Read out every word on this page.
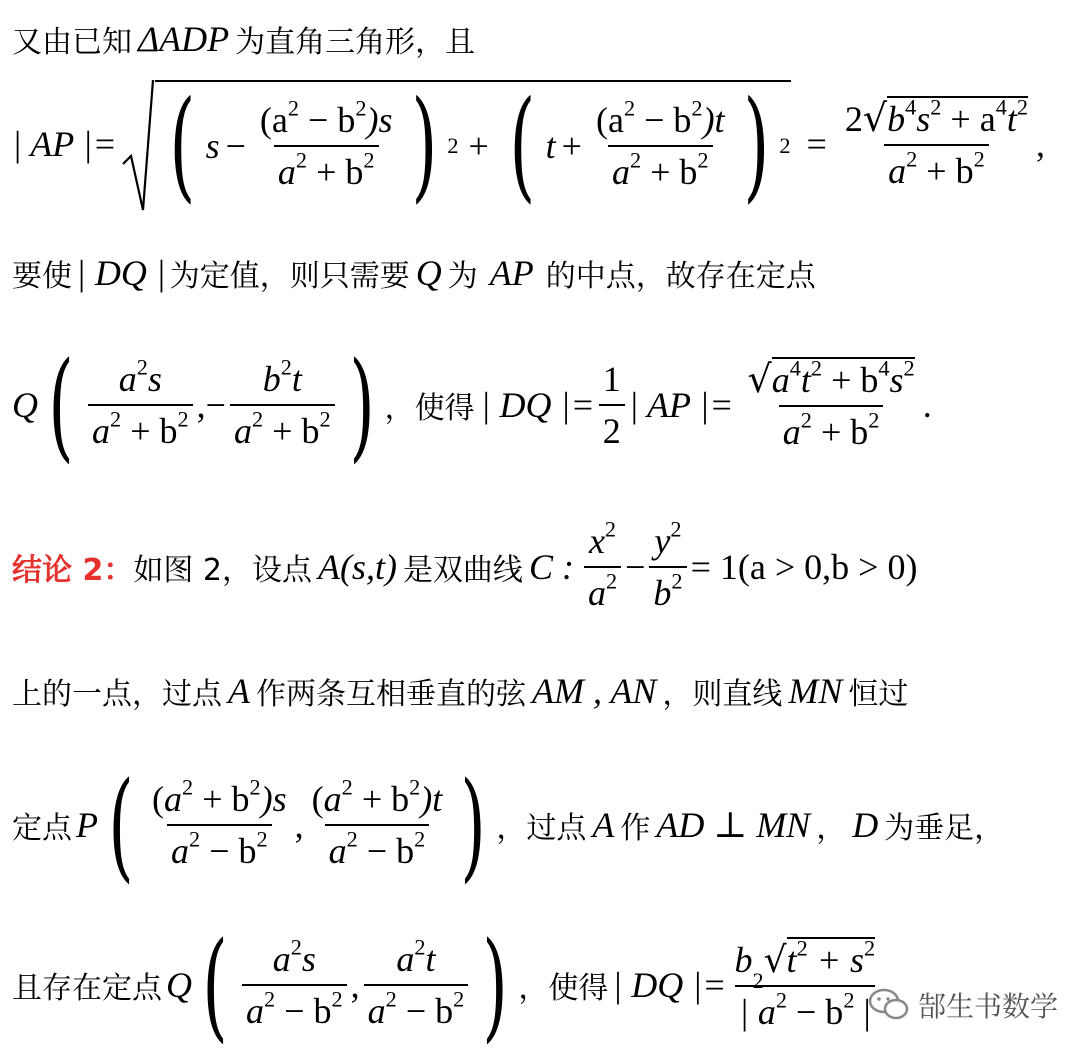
又由已知 ΔADP 为直角三角形，且
| AP |= ( $s - \frac{(a^2 - b^2)s}{a^2 + b^2}$ ) 2 + ( $t + \frac{(a^2 - b^2)t}{a^2 + b^2}$ ) $2 = \frac{2 √ b^4s^2 + a^4t^2}{a^2 + b^2}$ ,
要使 | DQ | 为定值，则只需要 Q 为 AP 的中点，故存在定点
Q ( $\frac{a^2s}{a^2 + b^2}$ , − $\frac{b^2t}{a^2 + b^2}$ ) ，使得 | DQ |= $\frac{1}{2}$ | AP |= $\frac{√ a^4t^2 + b^4s^2}{a^2 + b^2}$ .
结论 2： 如图 2，设点 A(s,t) 是双曲线 C : $\frac{x^2}{a^2} - \frac{y^2}{b^2} = 1(a > 0,b > 0)$
上的一点，过点 A 作两条互相垂直的弦 AM , AN ，则直线 MN 恒过
定点 P ( $\frac{(a^2 + b^2)s}{a^2 - b^2}$ , $\frac{(a^2 + b^2)t}{a^2 - b^2}$ ) ，过点 A 作 AD ⊥ MN ， D 为垂足，
且存在定点 Q ( $\frac{a^2s}{a^2 - b^2}$ , $\frac{a^2t}{a^2 - b^2}$ ) ，使得 | DQ |= b
2 √ $t^2 + s^2$
| $a^2 - b^2$ | 郜生书数学
